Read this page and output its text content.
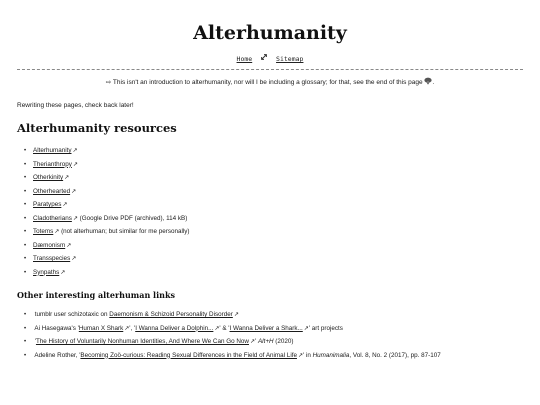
Alterhumanity
Home	Sitemap
⇨ This isn't an introduction to alterhumanity, nor will I be including a glossary; for that, see the end of this page .
Rewriting these pages, check back later!
Alterhumanity resources
• Alterhumanity↗
• Therianthropy↗
• Otherkinity↗
• Otherhearted↗
• Paratypes↗
• Cladotherians↗ (Google Drive PDF (archived), 114 kB)
• Totems↗ (not alterhuman; but similar for me personally)
• Dæmonism↗
• Transspecies↗
• Synpaths↗
Other interesting alterhuman links
• tumblr user schizotaxic on Daemonism & Schizoid Personality Disorder↗
• Ai Hasegawa's 'Human X Shark↗', 'I Wanna Deliver a Dolphin...↗' & 'I Wanna Deliver a Shark...↗' art projects
• 'The History of Voluntarily Nonhuman Identities, And Where We Can Go Now↗' Alt+H (2020)
• Adeline Rother, 'Becoming Zoö-curious: Reading Sexual Differences in the Field of Animal Life↗' in Humanimalia, Vol. 8, No. 2 (2017), pp. 87-107
